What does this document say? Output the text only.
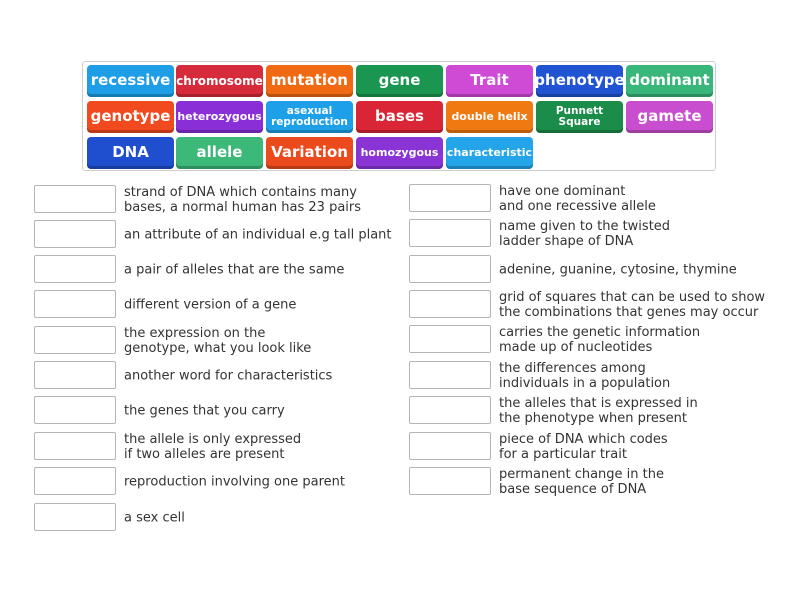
recessive chromosome mutation	gene	Trait	phenotype dominant
genotype heterozygous	asexual
reproduction	bases	double helix	Punnett
Square	gamete
DNA	allele	Variation	homozygous characteristic
strand of DNA which contains many
bases, a normal human has 23 pairs
an attribute of an individual e.g tall plant
a pair of alleles that are the same
different version of a gene
the expression on the
genotype, what you look like
another word for characteristics
the genes that you carry
the allele is only expressed
if two alleles are present
reproduction involving one parent
a sex cell
have one dominant
and one recessive allele
name given to the twisted
ladder shape of DNA
adenine, guanine, cytosine, thymine
grid of squares that can be used to show
the combinations that genes may occur
carries the genetic information
made up of nucleotides
the differences among
individuals in a population
the alleles that is expressed in
the phenotype when present
piece of DNA which codes
for a particular trait
permanent change in the
base sequence of DNA
